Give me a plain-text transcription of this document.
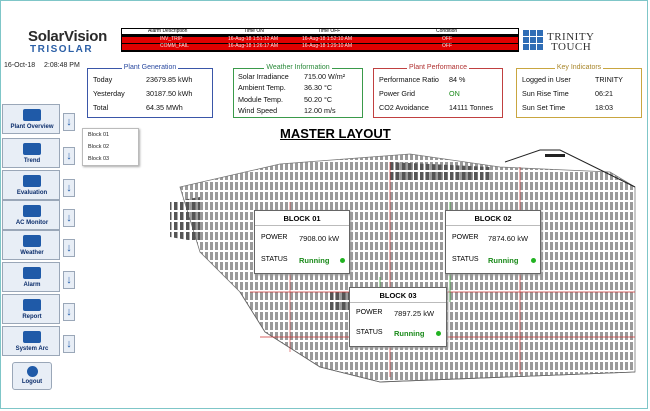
SolarVision
TRISOLAR
Alarm Description	Time ON	Time OFF	Condition
INV_TRIP	16-Aug-18 1:51:12 AM	16-Aug-18 1:52:10 AM	OFF
COMM_FAIL	16-Aug-18 1:26:17 AM	16-Aug-18 1:29:10 AM	OFF
TRINITY
TOUCH
16-Oct-18 2:08:48 PM	Plant Generation
Today	23679.85 kWh
Yesterday	30187.50 kWh
Total	64.35 MWh
Weather Information
Solar Irradiance 715.00 W/m²
Ambient Temp.	36.30 °C
Module Temp.	50.20 °C
Wind Speed	12.00 m/s
Plant Performance
Performance Ratio 84 %
Power Grid	ON
CO2 Avoidance	14111 Tonnes
Key Indicators
Logged in User	TRINITY
Sun Rise Time	06:21
Sun Set Time	18:03
Plant Overview	↓
Trend	↓
Evaluation	↓
AC Monitor	↓
Weather	↓
Alarm	↓
Report	↓
System Arc	↓
Block 01
Block 02
Block 03
Logout
MASTER LAYOUT
BLOCK 01
POWER 7908.00 kW
STATUS Running
BLOCK 02
POWER 7874.60 kW
STATUS Running
BLOCK 03
POWER 7897.25 kW
STATUS Running
